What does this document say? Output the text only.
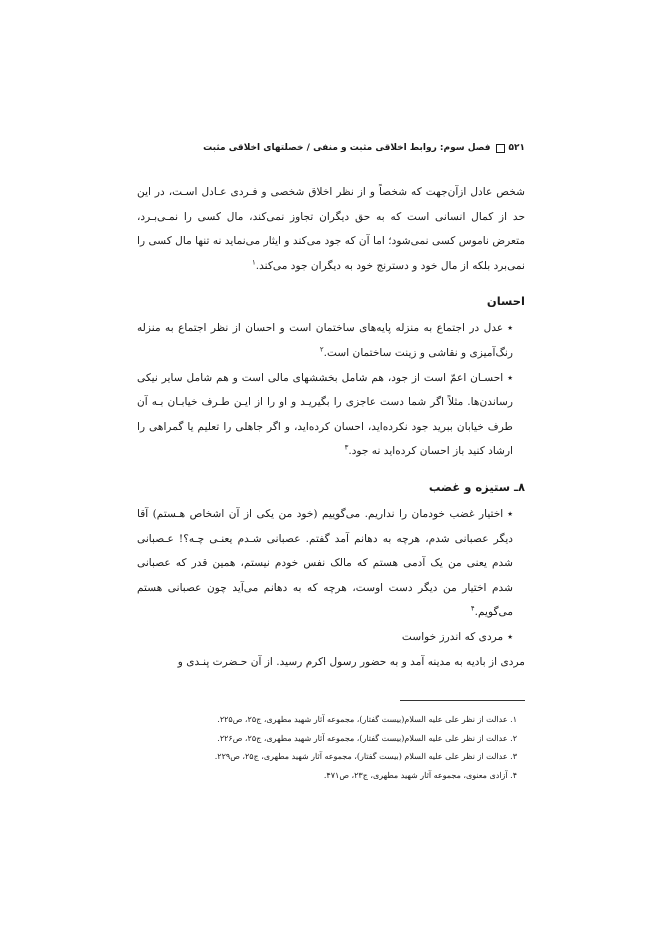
۵۲۱
فصل سوم: روابط اخلاقی مثبت و منفی / خصلتهای اخلاقی مثبت

شخص عادل ازآن‌جهت که شخصاً و از نظر اخلاق شخصی و فـردی عـادل اسـت، در این حد از کمال انسانی است که به حق دیگران تجاوز نمی‌کند، مال کسی را نمـی‌بـرد، متعرض ناموس کسی نمی‌شود؛ اما آن که جود می‌کند و ایثار می‌نماید نه تنها مال کسی را نمی‌برد بلکه از مال خود و دسترنج خود به دیگران جود می‌کند.$^۱$

احسان

٭عدل در اجتماع به منزله پایه‌های ساختمان است و احسان از نظر اجتماع به منزله رنگ‌آمیزی و نقاشی و زینت ساختمان است.$^۲$

٭احسـان اعمّ است از جود، هم شامل بخششهای مالی است و هم شامل سایر نیکی رساندن‌ها. مثلاً اگر شما دست عاجزی را بگیریـد و او را از ایـن طـرف خیابـان بـه آن طرف خیابان ببرید جود نکرده‌اید، احسان کرده‌اید، و اگر جاهلی را تعلیم یا گمراهی را ارشاد کنید باز احسان کرده‌اید نه جود.$^۳$

۸ـ ستیزه و غضب

٭اختیار غضب خودمان را نداریم. می‌گوییم (خود من یکی از آن اشخاص هـستم) آقا دیگر عصبانی شدم، هرچه به دهانم آمد گفتم. عصبانی شـدم یعنـی چـه؟! عـصبانی شدم یعنی من یک آدمی هستم که مالک نفس خودم نیستم، همین قدر که عصبانی شدم اختیار من دیگر دست اوست، هرچه که به دهانم می‌آید چون عصبانی هستم می‌گویم.$^۴$

٭مردی که اندرز خواست

مردی از بادیه به مدینه آمد و به حضور رسول اکرم رسید. از آن حـضرت پنـدی و

۱. عدالت از نظر علی علیه السلام(بیست گفتار)، مجموعه آثار شهید مطهری، ج۲۵، ص۲۲۵.
۲. عدالت از نظر علی علیه السلام(بیست گفتار)، مجموعه آثار شهید مطهری، ج۲۵، ص۲۲۶.
۳. عدالت از نظر علی علیه السلام (بیست گفتار)، مجموعه آثار شهید مطهری، ج۲۵، ص۲۲۹.
۴. آزادی معنوی، مجموعه آثار شهید مطهری، ج۲۳، ص۴۷۱.
